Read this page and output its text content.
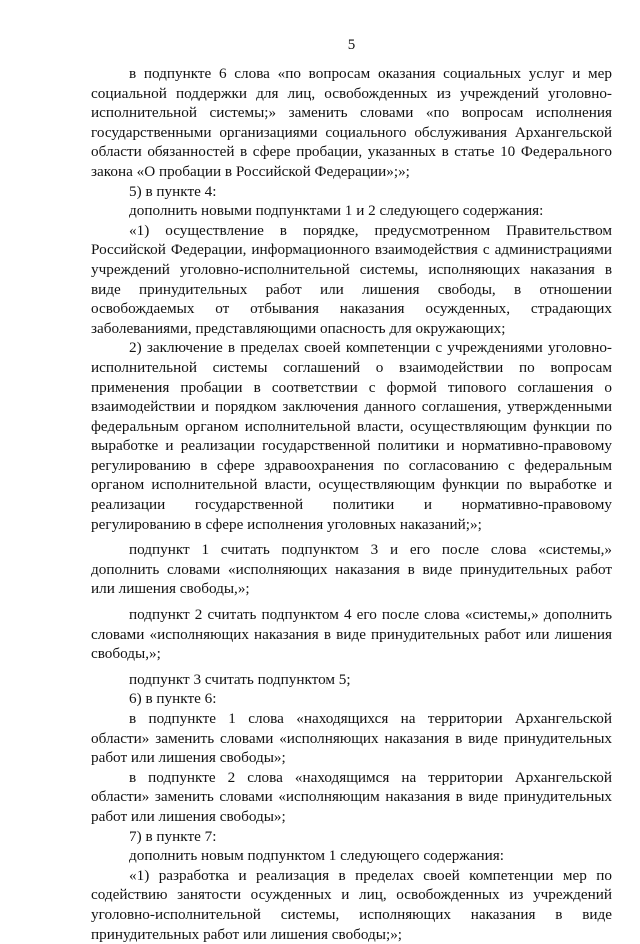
5

в подпункте 6 слова «по вопросам оказания социальных услуг и мер социальной поддержки для лиц, освобожденных из учреждений уголовно-исполнительной системы;» заменить словами «по вопросам исполнения государственными организациями социального обслуживания Архангельской области обязанностей в сфере пробации, указанных в статье 10 Федерального закона «О пробации в Российской Федерации»;»;

5) в пункте 4:

дополнить новыми подпунктами 1 и 2 следующего содержания:

«1) осуществление в порядке, предусмотренном Правительством Российской Федерации, информационного взаимодействия с администрациями учреждений уголовно-исполнительной системы, исполняющих наказания в виде принудительных работ или лишения свободы, в отношении освобождаемых от отбывания наказания осужденных, страдающих заболеваниями, представляющими опасность для окружающих;

2) заключение в пределах своей компетенции с учреждениями уголовно-исполнительной системы соглашений о взаимодействии по вопросам применения пробации в соответствии с формой типового соглашения о взаимодействии и порядком заключения данного соглашения, утвержденными федеральным органом исполнительной власти, осуществляющим функции по выработке и реализации государственной политики и нормативно-правовому регулированию в сфере здравоохранения по согласованию с федеральным органом исполнительной власти, осуществляющим функции по выработке и реализации государственной политики и нормативно-правовому регулированию в сфере исполнения уголовных наказаний;»;

подпункт 1 считать подпунктом 3 и его после слова «системы,» дополнить словами «исполняющих наказания в виде принудительных работ или лишения свободы,»;

подпункт 2 считать подпунктом 4 его после слова «системы,» дополнить словами «исполняющих наказания в виде принудительных работ или лишения свободы,»;

подпункт 3 считать подпунктом 5;

6) в пункте 6:

в подпункте 1 слова «находящихся на территории Архангельской области» заменить словами «исполняющих наказания в виде принудительных работ или лишения свободы»;

в подпункте 2 слова «находящимся на территории Архангельской области» заменить словами «исполняющим наказания в виде принудительных работ или лишения свободы»;

7) в пункте 7:

дополнить новым подпунктом 1 следующего содержания:

«1) разработка и реализация в пределах своей компетенции мер по содействию занятости осужденных и лиц, освобожденных из учреждений уголовно-исполнительной системы, исполняющих наказания в виде принудительных работ или лишения свободы;»;
